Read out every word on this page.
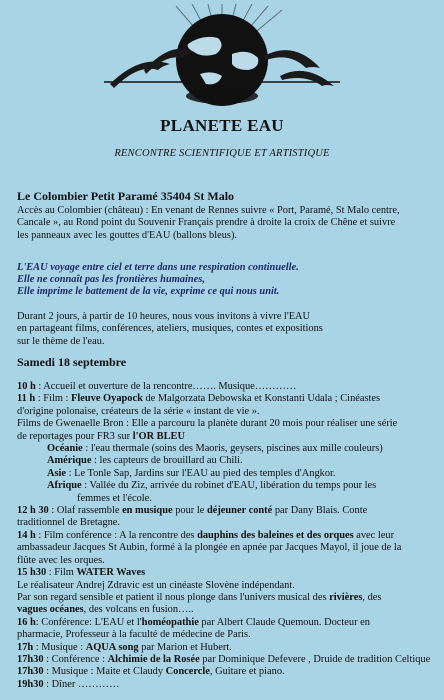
PLANETE EAU
RENCONTRE SCIENTIFIQUE ET ARTISTIQUE
Le Colombier Petit Paramé 35404 St Malo
Accès au Colombier (château) : En venant de Rennes suivre « Port, Paramé, St Malo centre,
Cancale », au Rond point du Souvenir Français prendre à droite la croix de Chêne et suivre
les panneaux avec les gouttes d'EAU (ballons bleus).
L'EAU voyage entre ciel et terre dans une respiration continuelle.
Elle ne connaît pas les frontières humaines,
Elle imprime le battement de la vie, exprime ce qui nous unit.
Durant 2 jours, à partir de 10 heures, nous vous invitons à vivre l'EAU
en partageant films, conférences, ateliers, musiques, contes et expositions
sur le thème de l'eau.
Samedi 18 septembre
10 h : Accueil et ouverture de la rencontre……. Musique…………
11 h : Film : Fleuve Oyapock de Malgorzata Debowska et Konstanti Udala ; Cinéastes
d'origine polonaise, créateurs de la série « instant de vie ».
Films de Gwenaelle Bron : Elle a parcouru la planète durant 20 mois pour réaliser une série
de reportages pour FR3 sur l'OR BLEU
Océanie : l'eau thermale (soins des Maoris, geysers, piscines aux mille couleurs)
Amérique : les capteurs de brouillard au Chili.
Asie : Le Tonle Sap, Jardins sur l'EAU au pied des temples d'Angkor.
Afrique : Vallée du Ziz, arrivée du robinet d'EAU, libération du temps pour les
femmes et l'école.
12 h 30 : Olaf rassemble en musique pour le déjeuner conté par Dany Blais. Conte
traditionnel de Bretagne.
14 h : Film conférence : A la rencontre des dauphins des baleines et des orques avec leur
ambassadeur Jacques St Aubin, formé à la plongée en apnée par Jacques Mayol, il joue de la
flûte avec les orques.
15 h30 : Film WATER Waves
Le réalisateur Andrej Zdravic est un cinéaste Slovène indépendant.
Par son regard sensible et patient il nous plonge dans l'univers musical des rivières, des
vagues océanes, des volcans en fusion…..
16 h: Conférence: L'EAU et l'homéopathie par Albert Claude Quemoun. Docteur en
pharmacie, Professeur à la faculté de médecine de Paris.
17h : Musique : AQUA song par Marion et Hubert.
17h30 : Conférence : Alchimie de la Rosée par Dominique Defevere , Druide de tradition Celtique
17h30 : Musique : Maite et Claudy Concercle, Guitare et piano.
19h30 : Dîner …………
